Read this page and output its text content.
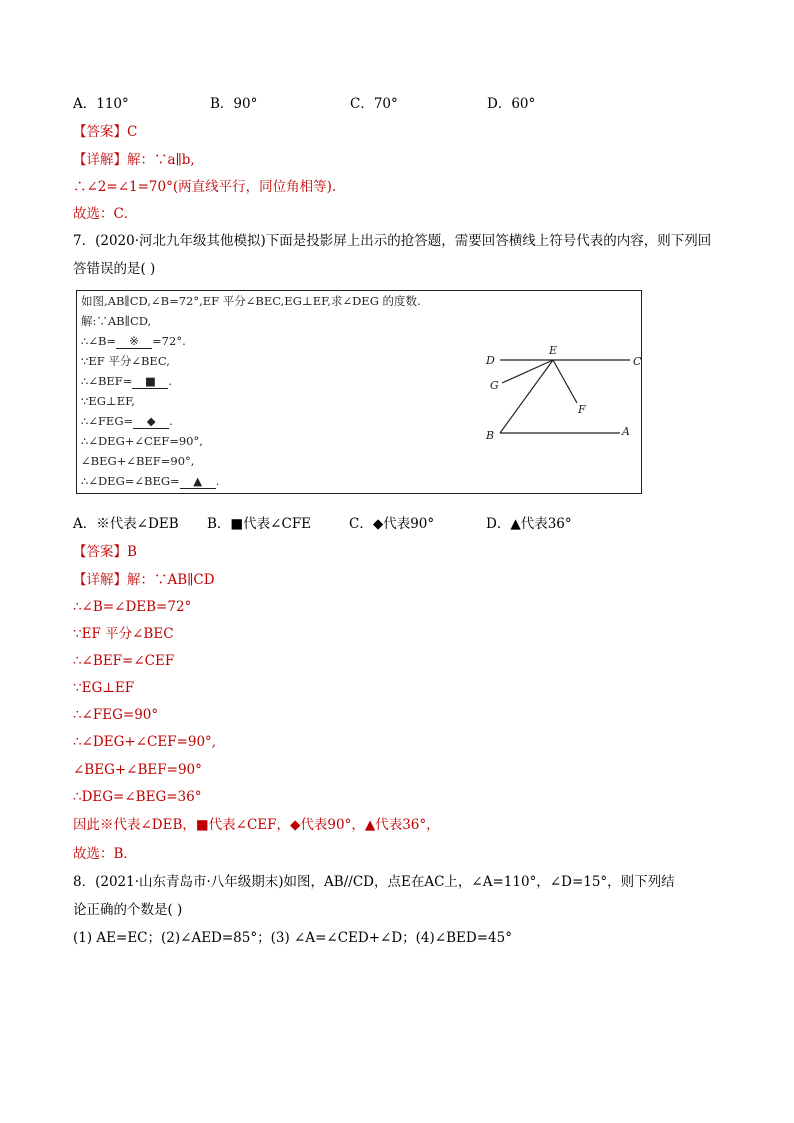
A．110°	B．90°	C．70°	D．60°
【答案】C
【详解】解：∵a∥b,
∴∠2=∠1=70°(两直线平行，同位角相等).
故选：C．
7．(2020·河北九年级其他模拟)下面是投影屏上出示的抢答题，需要回答横线上符号代表的内容，则下列回
答错误的是( )
如图,AB∥CD,∠B=72°,EF 平分∠BEC,EG⊥EF,求∠DEG 的度数.
解:∵AB∥CD,
∴∠B= ※ =72°.
∵EF 平分∠BEC,
∴∠BEF= ■ .
∵EG⊥EF,
∴∠FEG= ◆ .
∴∠DEG+∠CEF=90°,
∠BEG+∠BEF=90°,
∴∠DEG=∠BEG= ▲ .
D
E
C
G
F
B	A
A．※代表∠DEB	B．■代表∠CFE	C．◆代表90°	D．▲代表36°
【答案】B
【详解】解：∵AB∥CD
∴∠B=∠DEB=72°
∵EF 平分∠BEC
∴∠BEF=∠CEF
∵EG⊥EF
∴∠FEG=90°
∴∠DEG+∠CEF=90°,
∠BEG+∠BEF=90°
∴DEG=∠BEG=36°
因此※代表∠DEB，■代表∠CEF，◆代表90°，▲代表36°，
故选：B．
8．(2021·山东青岛市·八年级期末)如图，AB//CD，点E在AC上，∠A=110°，∠D=15°，则下列结
论正确的个数是( )
(1) AE=EC；(2)∠AED=85°；(3) ∠A=∠CED+∠D；(4)∠BED=45°
